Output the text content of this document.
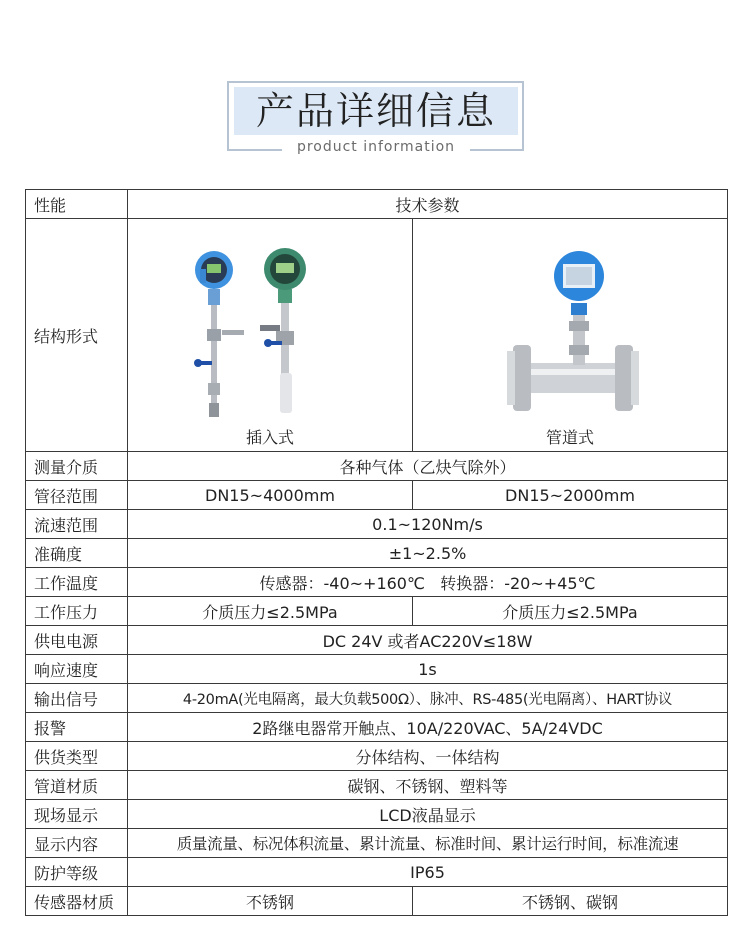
产品详细信息
product information
性能	技术参数	
结构形式	插入式	管道式

测量介质	各种气体（乙炔气除外）	
管径范围	DN15~4000mm	DN15~2000mm
流速范围	0.1~120Nm/s	
准确度	±1~2.5%	
工作温度	传感器：-40~+160℃   转换器：-20~+45℃	
工作压力	介质压力≤2.5MPa	介质压力≤2.5MPa
供电电源	DC 24V 或者AC220V≤18W	
响应速度	1s	
输出信号	4-20mA(光电隔离，最大负载500Ω）、脉冲、RS-485(光电隔离）、HART协议	
报警	2路继电器常开触点、10A/220VAC、5A/24VDC	
供货类型	分体结构、一体结构	
管道材质	碳钢、不锈钢、塑料等	
现场显示	LCD液晶显示	
显示内容	质量流量、标况体积流量、累计流量、标准时间、累计运行时间，标准流速	
防护等级	IP65	
传感器材质	不锈钢	不锈钢、碳钢
